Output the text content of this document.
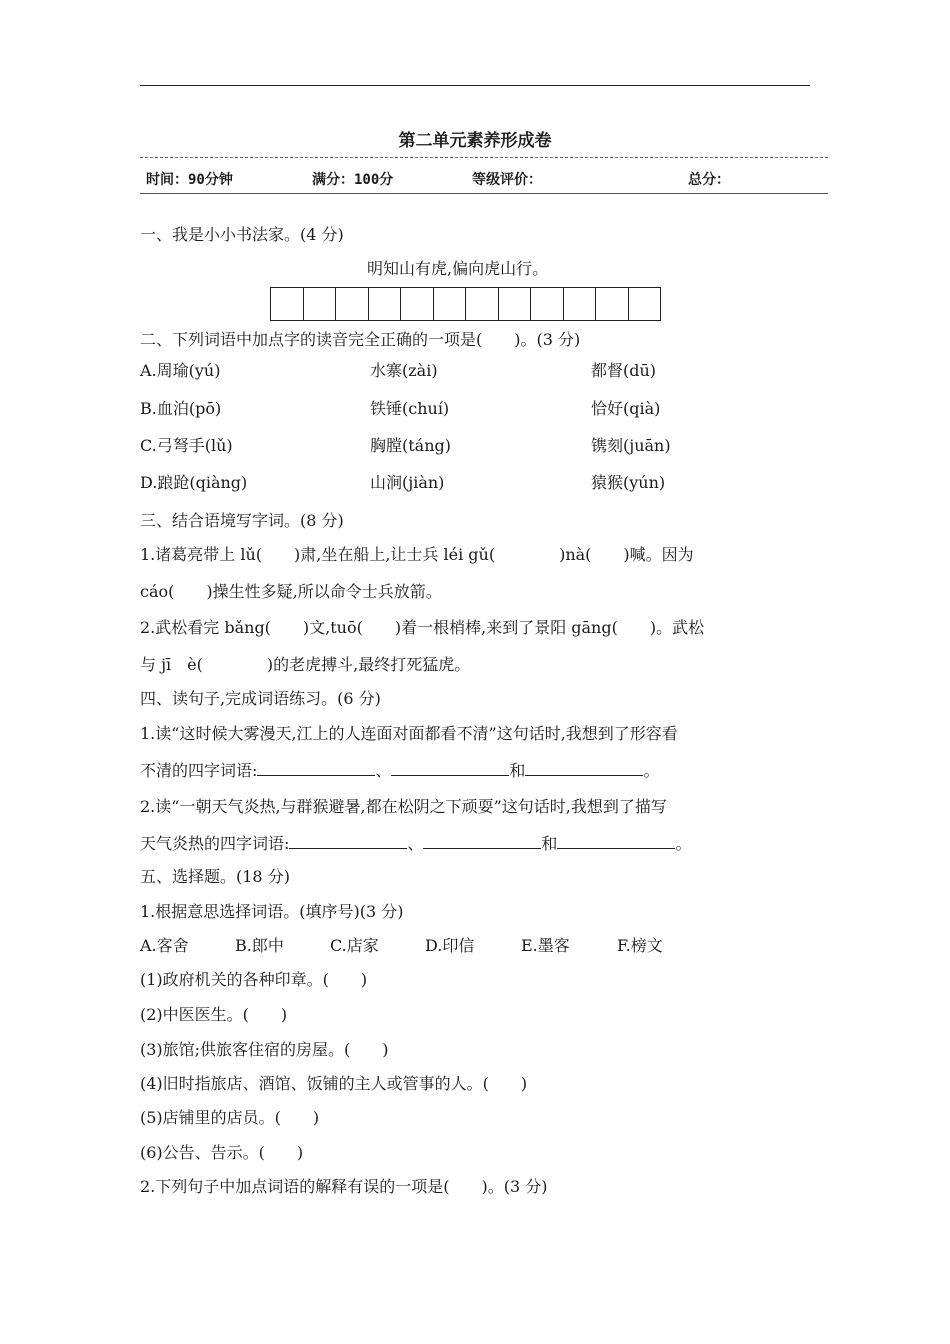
第二单元素养形成卷
时间：90分钟	满分：100分	等级评价：	总分：
一、我是小小书法家。(4 分)
明知山有虎,偏向虎山行。
二、下列词语中加点字的读音完全正确的一项是(　　)。(3 分)
A.周瑜(yú)	水寨(zài)	都督(dū)
B.血泊(pō)	铁锤(chuí)	恰好(qià)
C.弓弩手(lǔ)	胸膛(táng)	镌刻(juān)
D.踉跄(qiàng)	山涧(jiàn)	猿猴(yún)
三、结合语境写字词。(8 分)
1.诸葛亮带上 lǔ(　　)肃,坐在船上,让士兵 léi gǔ(　　　　)nà(　　)喊。因为
cáo(　　)操生性多疑,所以命令士兵放箭。
2.武松看完 bǎng(　　)文,tuō(　　)着一根梢棒,来到了景阳 gāng(　　)。武松
与 jī　è(　　　　)的老虎搏斗,最终打死猛虎。
四、读句子,完成词语练习。(6 分)
1.读“这时候大雾漫天,江上的人连面对面都看不清”这句话时,我想到了形容看
不清的四字词语:	、	和	。
2.读“一朝天气炎热,与群猴避暑,都在松阴之下顽耍”这句话时,我想到了描写
天气炎热的四字词语:	、	和	。
五、选择题。(18 分)
1.根据意思选择词语。(填序号)(3 分)
A.客舍	B.郎中	C.店家	D.印信	E.墨客	F.榜文
(1)政府机关的各种印章。(　　)
(2)中医医生。(　　)
(3)旅馆;供旅客住宿的房屋。(　　)
(4)旧时指旅店、酒馆、饭铺的主人或管事的人。(　　)
(5)店铺里的店员。(　　)
(6)公告、告示。(　　)
2.下列句子中加点词语的解释有误的一项是(　　)。(3 分)
